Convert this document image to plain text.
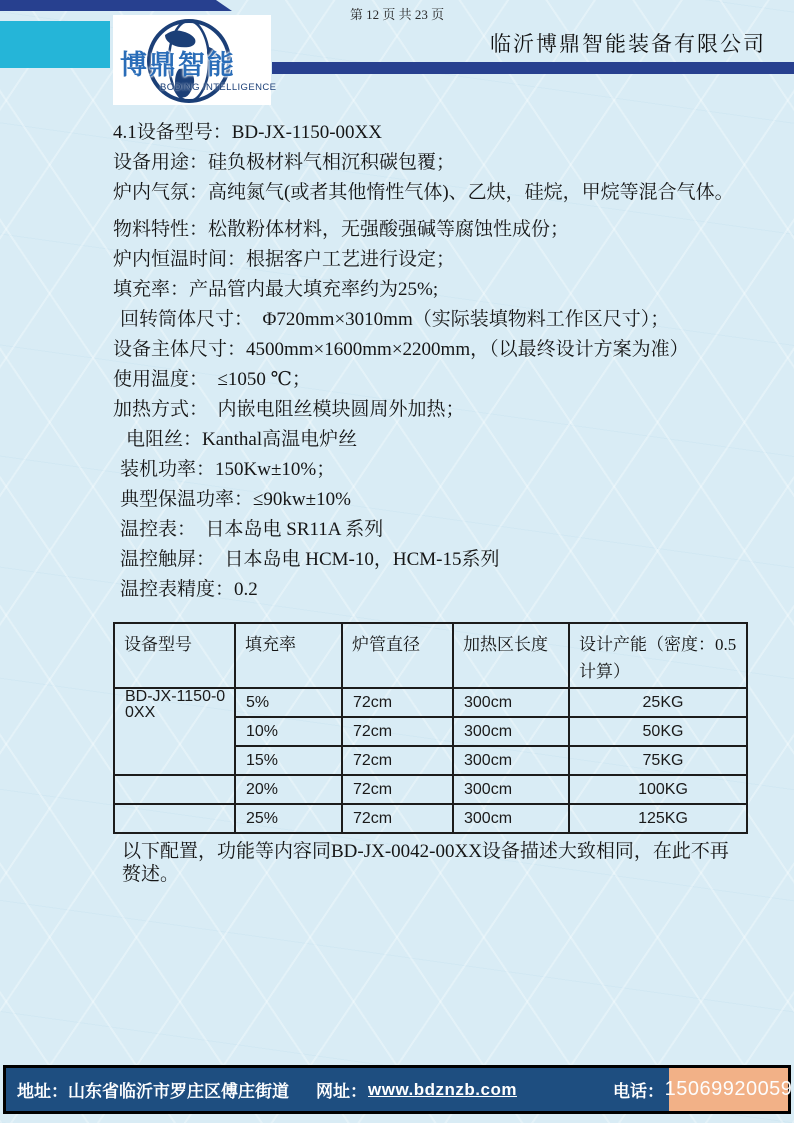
博鼎智能
BODING INTELLIGENCE
第 12 页 共 23 页
临沂博鼎智能装备有限公司

4.1设备型号：BD-JX-1150-00XX

设备用途：硅负极材料气相沉积碳包覆；

炉内气氛：高纯氮气(或者其他惰性气体)、乙炔，硅烷，甲烷等混合气体。

物料特性：松散粉体材料，无强酸强碱等腐蚀性成份；

炉内恒温时间：根据客户工艺进行设定；

填充率：产品管内最大填充率约为25%;

回转筒体尺寸：　Φ720mm×3010mm（实际装填物料工作区尺寸）；

设备主体尺寸：4500mm×1600mm×2200mm，（以最终设计方案为准）

使用温度：　≤1050 ℃；

加热方式：　内嵌电阻丝模块圆周外加热；

电阻丝：Kanthal高温电炉丝

装机功率：150Kw±10%；

典型保温功率：≤90kw±10%

温控表：　日本岛电 SR11A 系列

温控触屏：　日本岛电 HCM-10，HCM-15系列

温控表精度：0.2

设备型号	填充率	炉管直径	加热区长度	设计产能（密度：0.5 计算）
BD-JX-1150-00XX	5%	72cm	300cm	25KG
	10%	72cm	300cm	50KG
	15%	72cm	300cm	75KG
	20%	72cm	300cm	100KG
	25%	72cm	300cm	125KG
以下配置，功能等内容同BD-JX-0042-00XX设备描述大致相同，在此不再赘述。
地址：山东省临沂市罗庄区傅庄街道 网址： www.bdznzb.com	电话： 15069920059
